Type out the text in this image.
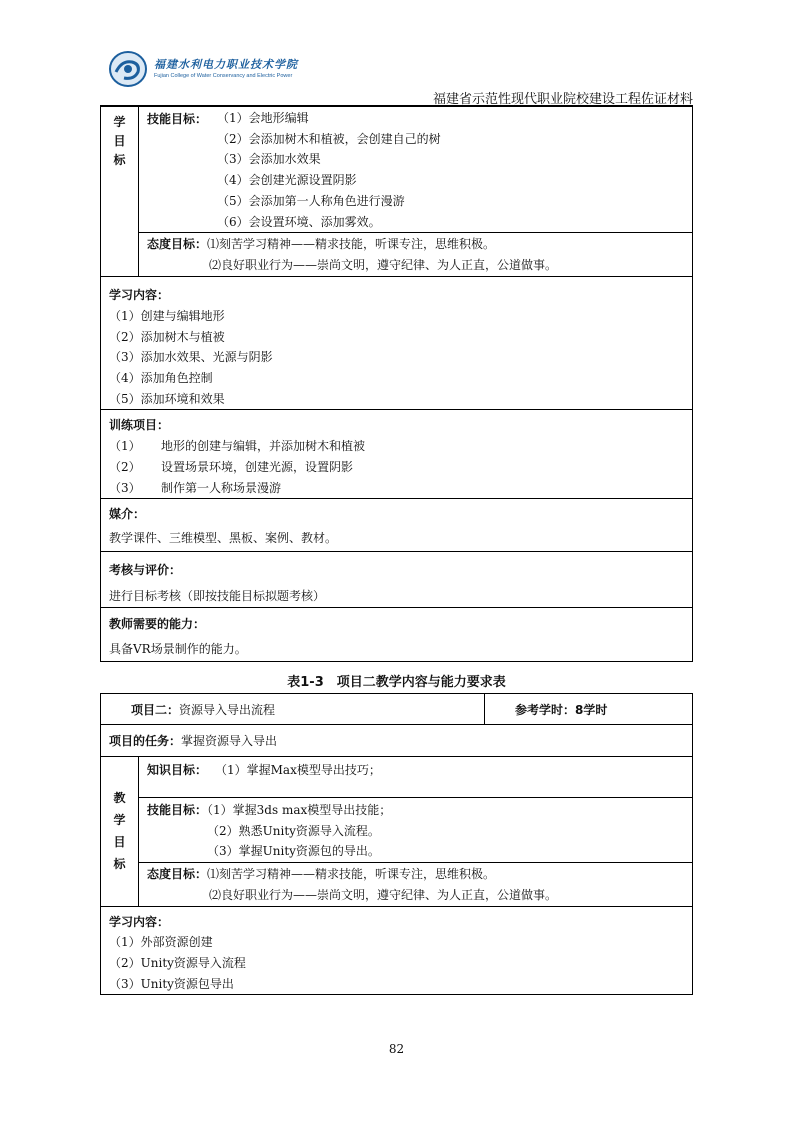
福建水利电力职业技术学院
Fujian College of Water Conservancy and Electric Power
福建省示范性现代职业院校建设工程佐证材料
学
目
标

技能目标： （1）会地形编辑
（2）会添加树木和植被，会创建自己的树
（3）会添加水效果
（4）会创建光源设置阴影
（5）会添加第一人称角色进行漫游
（6）会设置环境、添加雾效。

态度目标：⑴刻苦学习精神——精求技能，听课专注，思维积极。
⑵良好职业行为——崇尚文明，遵守纪律、为人正直，公道做事。

学习内容：
（1）创建与编辑地形
（2）添加树木与植被
（3）添加水效果、光源与阴影
（4）添加角色控制
（5）添加环境和效果

训练项目：
（1） 地形的创建与编辑，并添加树木和植被
（2） 设置场景环境，创建光源，设置阴影
（3） 制作第一人称场景漫游

媒介：
教学课件、三维模型、黑板、案例、教材。

考核与评价：
进行目标考核（即按技能目标拟题考核）

教师需要的能力：
具备VR场景制作的能力。
表1-3　项目二教学内容与能力要求表
项目二：资源导入导出流程		参考学时：8学时
项目的任务：掌握资源导入导出		

教
学
目
标	知识目标： （1）掌握Max模型导出技巧；	

	技能目标：（1）掌握3ds max模型导出技能；
（2）熟悉Unity资源导入流程。
（3）掌握Unity资源包的导出。	

	态度目标：⑴刻苦学习精神——精求技能，听课专注，思维积极。
⑵良好职业行为——崇尚文明，遵守纪律、为人正直，公道做事。	

学习内容：
（1）外部资源创建
（2）Unity资源导入流程
（3）Unity资源包导出		
82
